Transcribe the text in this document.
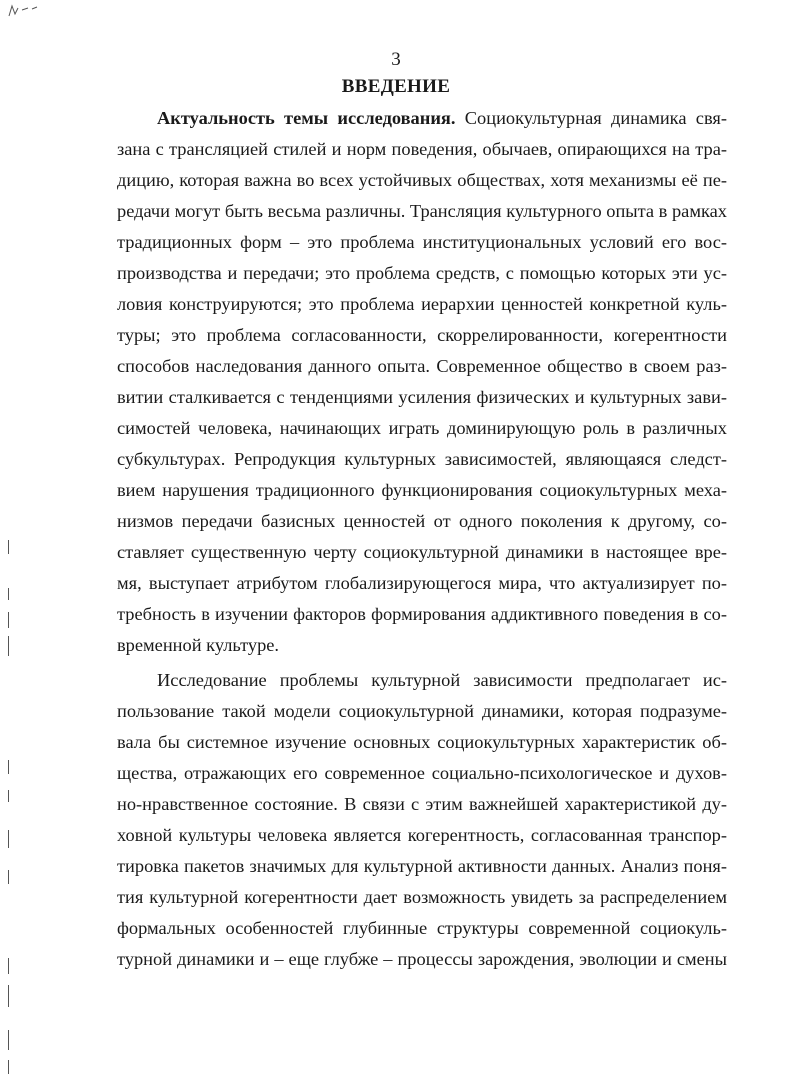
3
ВВЕДЕНИЕ
Актуальность темы исследования. Социокультурная динамика свя-
зана с трансляцией стилей и норм поведения, обычаев, опирающихся на тра-
дицию, которая важна во всех устойчивых обществах, хотя механизмы её пе-
редачи могут быть весьма различны. Трансляция культурного опыта в рамках
традиционных форм – это проблема институциональных условий его вос-
производства и передачи; это проблема средств, с помощью которых эти ус-
ловия конструируются; это проблема иерархии ценностей конкретной куль-
туры; это проблема согласованности, скоррелированности, когерентности
способов наследования данного опыта. Современное общество в своем раз-
витии сталкивается с тенденциями усиления физических и культурных зави-
симостей человека, начинающих играть доминирующую роль в различных
субкультурах. Репродукция культурных зависимостей, являющаяся следст-
вием нарушения традиционного функционирования социокультурных меха-
низмов передачи базисных ценностей от одного поколения к другому, со-
ставляет существенную черту социокультурной динамики в настоящее вре-
мя, выступает атрибутом глобализирующегося мира, что актуализирует по-
требность в изучении факторов формирования аддиктивного поведения в со-
временной культуре.
Исследование проблемы культурной зависимости предполагает ис-
пользование такой модели социокультурной динамики, которая подразуме-
вала бы системное изучение основных социокультурных характеристик об-
щества, отражающих его современное социально-психологическое и духов-
но-нравственное состояние. В связи с этим важнейшей характеристикой ду-
ховной культуры человека является когерентность, согласованная транспор-
тировка пакетов значимых для культурной активности данных. Анализ поня-
тия культурной когерентности дает возможность увидеть за распределением
формальных особенностей глубинные структуры современной социокуль-
турной динамики и – еще глубже – процессы зарождения, эволюции и смены
